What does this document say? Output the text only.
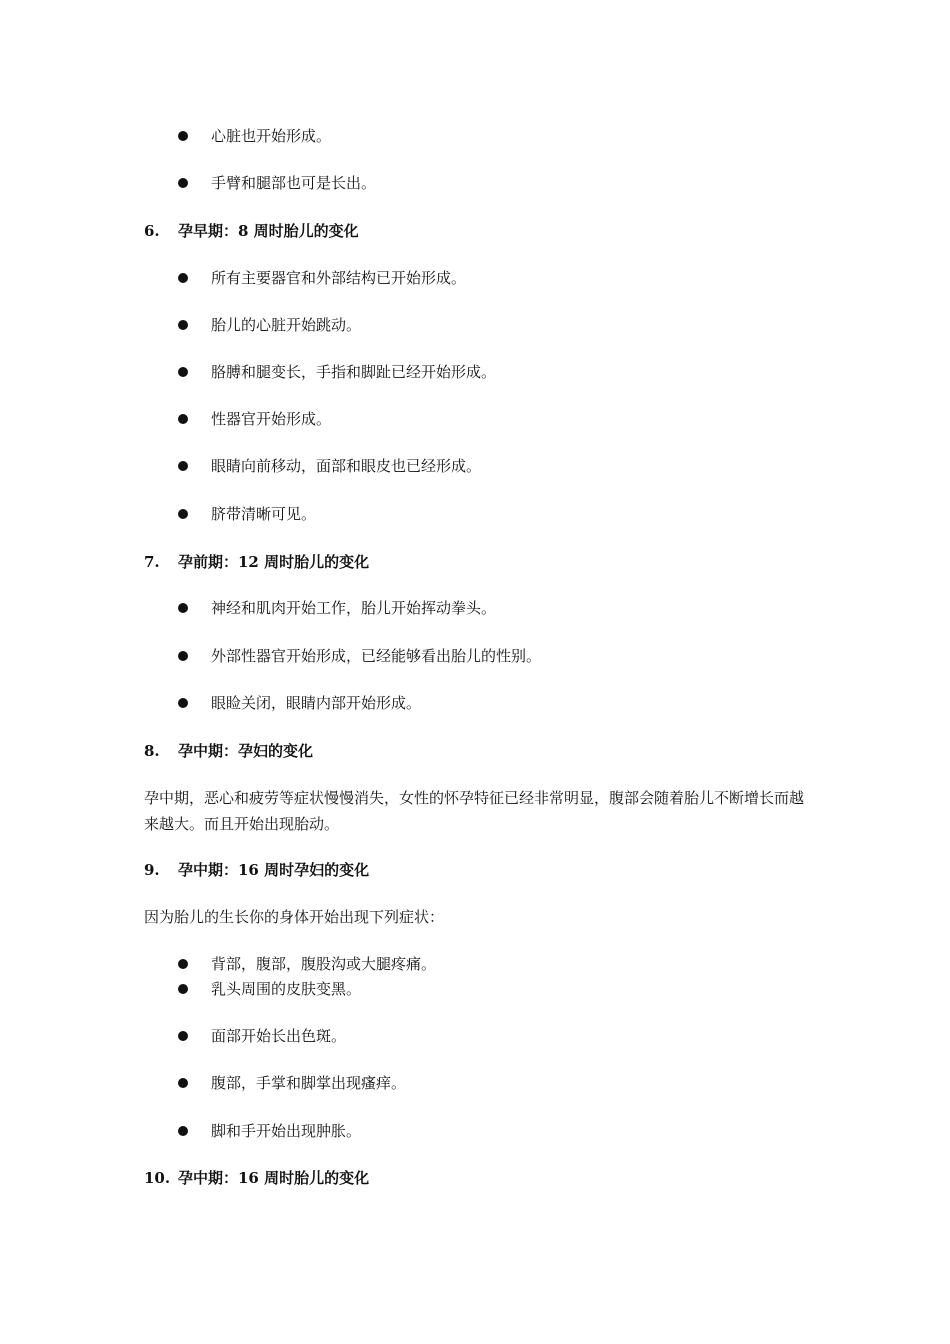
心脏也开始形成。
手臂和腿部也可是长出。
6. 孕早期：8 周时胎儿的变化
所有主要器官和外部结构已开始形成。
胎儿的心脏开始跳动。
胳膊和腿变长，手指和脚趾已经开始形成。
性器官开始形成。
眼睛向前移动，面部和眼皮也已经形成。
脐带清晰可见。
7. 孕前期：12 周时胎儿的变化
神经和肌肉开始工作，胎儿开始挥动拳头。
外部性器官开始形成，已经能够看出胎儿的性别。
眼睑关闭，眼睛内部开始形成。
8. 孕中期：孕妇的变化
孕中期，恶心和疲劳等症状慢慢消失，女性的怀孕特征已经非常明显，腹部会随着胎儿不断增长而越来越大。而且开始出现胎动。
9. 孕中期：16 周时孕妇的变化
因为胎儿的生长你的身体开始出现下列症状：
背部，腹部，腹股沟或大腿疼痛。
乳头周围的皮肤变黑。
面部开始长出色斑。
腹部，手掌和脚掌出现瘙痒。
脚和手开始出现肿胀。
10. 孕中期：16 周时胎儿的变化
